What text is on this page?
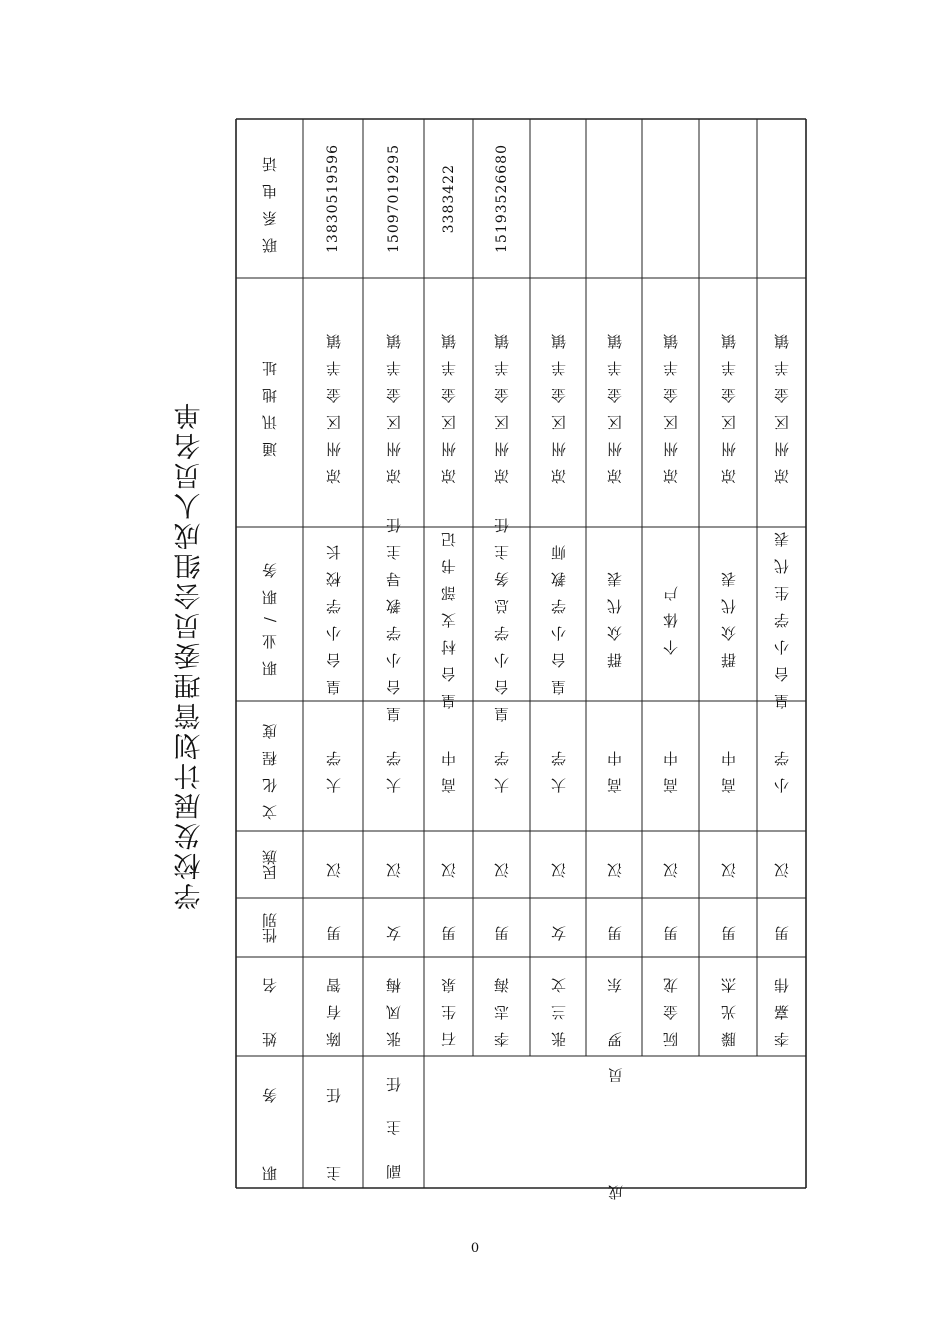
学校发展计划管理委员会组成人员名单
联系电话
通讯地址
职业/职务
文化程度
民族
性别
姓　名
职　务
13830519596
凉州区金羊镇
皇台小学校长
大学
汉
男
陈有智
15097019295
凉州区金羊镇
皇台小学教导主任
大学
汉
女
张凤梅
3383422
凉州区金羊镇
皇台村支部书记
高中
汉
男
石生泉
15193526680
凉州区金羊镇
皇台小学总务主任
大学
汉
男
李志海
凉州区金羊镇
皇台小学教师
大学
汉
女
张兰文
凉州区金羊镇
群众代表
高中
汉
男
罗　东
凉州区金羊镇
个体户
高中
汉
男
阮金龙
凉州区金羊镇
群众代表
高中
汉
男
滕光杰
凉州区金羊镇
皇台小学生代表
小学
汉
男
李嘉伟
主　任	副 主 任	成　　员
0
